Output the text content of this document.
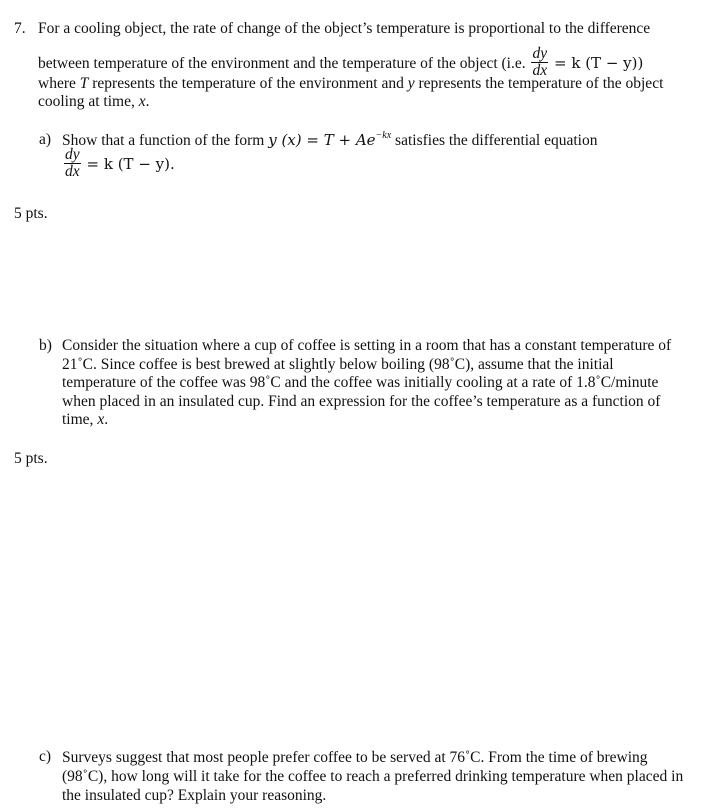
7. For a cooling object, the rate of change of the object’s temperature is proportional to the difference
between temperature of the environment and the temperature of the object (i.e. $\frac{dy}{dx} = k$ (T − y))
where T represents the temperature of the environment and y represents the temperature of the object
cooling at time, x.
a) Show that a function of the form y $(x) = T + Ae^{-kx}$ satisfies the differential equation
$\frac{dy}{dx} = k$ (T − y).
5 pts.
b) Consider the situation where a cup of coffee is setting in a room that has a constant temperature of 21˚C. Since coffee is best brewed at slightly below boiling (98˚C), assume that the initial temperature of the coffee was 98˚C and the coffee was initially cooling at a rate of 1.8˚C/minute when placed in an insulated cup. Find an expression for the coffee’s temperature as a function of time, x.
5 pts.
c) Surveys suggest that most people prefer coffee to be served at 76˚C. From the time of brewing (98˚C), how long will it take for the coffee to reach a preferred drinking temperature when placed in the insulated cup? Explain your reasoning.
